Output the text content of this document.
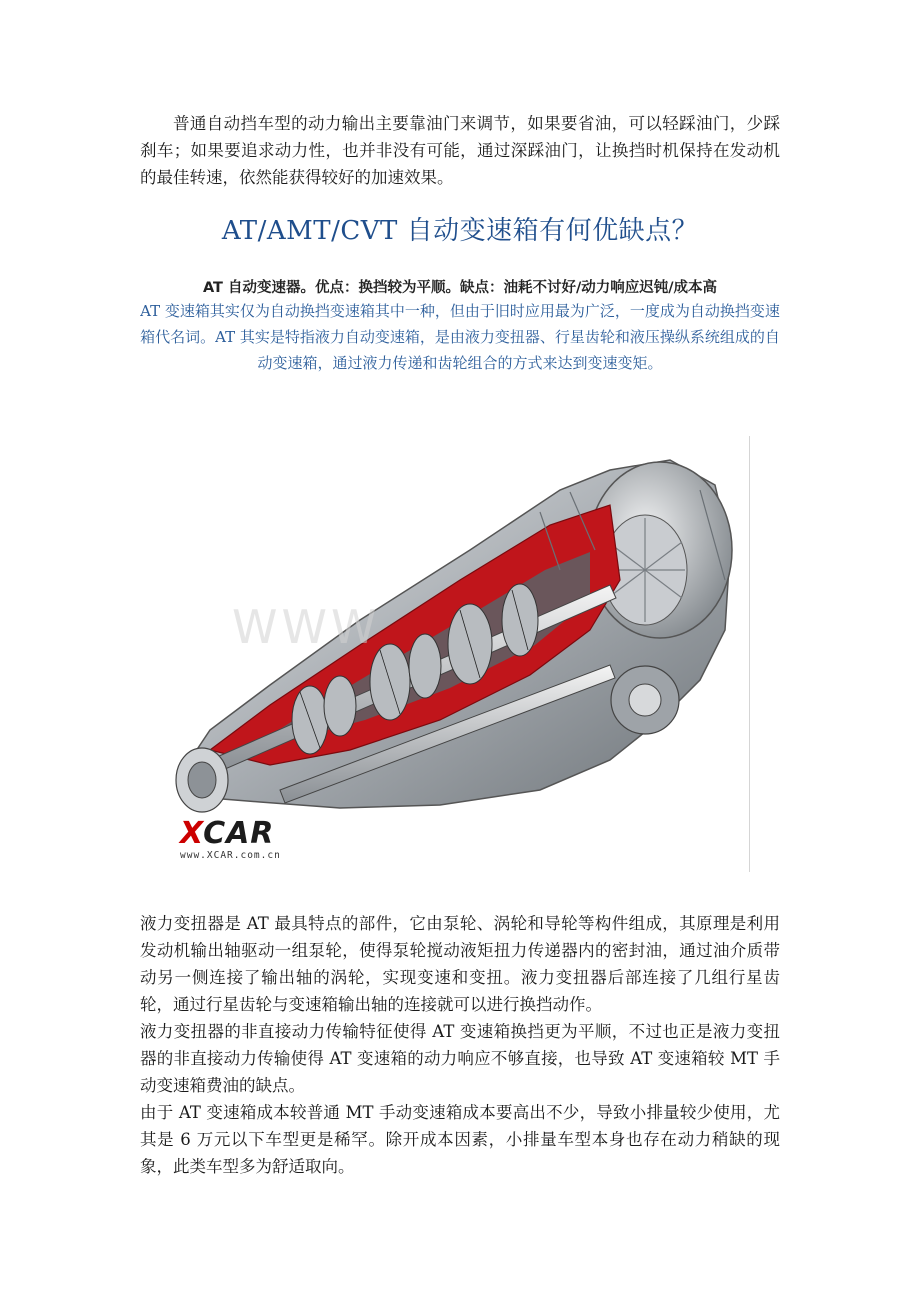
普通自动挡车型的动力输出主要靠油门来调节，如果要省油，可以轻踩油门，少踩刹车；如果要追求动力性，也并非没有可能，通过深踩油门，让换挡时机保持在发动机的最佳转速，依然能获得较好的加速效果。

AT/AMT/CVT 自动变速箱有何优缺点？

AT 自动变速器。优点：换挡较为平顺。缺点：油耗不讨好/动力响应迟钝/成本高

AT 变速箱其实仅为自动换挡变速箱其中一种，但由于旧时应用最为广泛，一度成为自动换挡变速箱代名词。AT 其实是特指液力自动变速箱，是由液力变扭器、行星齿轮和液压操纵系统组成的自动变速箱，通过液力传递和齿轮组合的方式来达到变速变矩。

WWW
XCAR
www.XCAR.com.cn

液力变扭器是 AT 最具特点的部件，它由泵轮、涡轮和导轮等构件组成，其原理是利用发动机输出轴驱动一组泵轮，使得泵轮搅动液矩扭力传递器内的密封油，通过油介质带动另一侧连接了输出轴的涡轮，实现变速和变扭。液力变扭器后部连接了几组行星齿轮，通过行星齿轮与变速箱输出轴的连接就可以进行换挡动作。

液力变扭器的非直接动力传输特征使得 AT 变速箱换挡更为平顺，不过也正是液力变扭器的非直接动力传输使得 AT 变速箱的动力响应不够直接，也导致 AT 变速箱较 MT 手动变速箱费油的缺点。

由于 AT 变速箱成本较普通 MT 手动变速箱成本要高出不少，导致小排量较少使用，尤其是 6 万元以下车型更是稀罕。除开成本因素，小排量车型本身也存在动力稍缺的现象，此类车型多为舒适取向。
